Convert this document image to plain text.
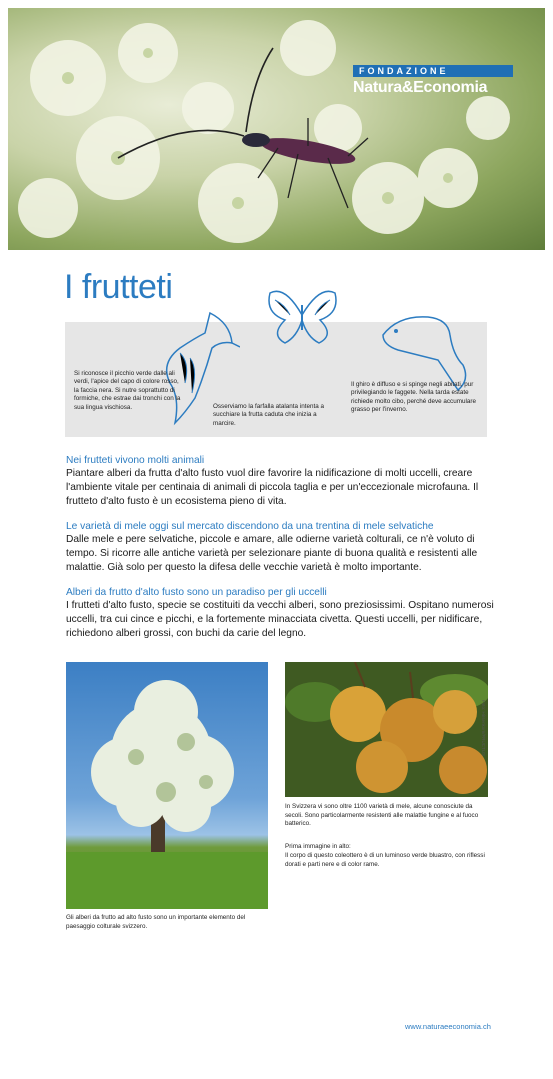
FONDAZIONE
Natura&Economia
I frutteti
Si riconosce il picchio verde dalle ali verdi, l'apice del capo di colore rosso, la faccia nera. Si nutre soprattutto di formiche, che estrae dai tronchi con la sua lingua vischiosa.	Osserviamo la farfalla atalanta intenta a succhiare la frutta caduta che inizia a marcire.
Il ghiro è diffuso e si spinge negli abitati, pur privilegiando le faggete. Nella tarda estate richiede molto cibo, perché deve accumulare grasso per l'inverno.
Nei frutteti vivono molti animali

Piantare alberi da frutta d'alto fusto vuol dire favorire la nidificazione di molti uccelli, creare l'ambiente vitale per centinaia di animali di piccola taglia e per un'eccezionale microfauna. Il frutteto d'alto fusto è un ecosistema pieno di vita.

Le varietà di mele oggi sul mercato discendono da una trentina di mele selvatiche

Dalle mele e pere selvatiche, piccole e amare, alle odierne varietà colturali, ce n'è voluto di tempo. Si ricorre alle antiche varietà per selezionare piante di buona qualità e resistenti alle malattie. Già solo per questo la difesa delle vecchie varietà è molto importante.

Alberi da frutto d'alto fusto sono un paradiso per gli uccelli

I frutteti d'alto fusto, specie se costituiti da vecchi alberi, sono preziosissimi. Ospitano numerosi uccelli, tra cui cince e picchi, e la fortemente minacciata civetta. Questi uccelli, per nidificare, richiedono alberi grossi, con buchi da carie del legno.

Gli alberi da frutto ad alto fusto sono un importante elemento del paesaggio colturale svizzero.
Foto: Hirsenkorn/FRUCTUS
In Svizzera vi sono oltre 1100 varietà di mele, alcune conosciute da secoli. Sono particolarmente resistenti alle malattie fungine e al fuoco batterico.
Prima immagine in alto:
Il corpo di questo coleottero è di un luminoso verde bluastro, con riflessi dorati e parti nere e di color rame.
www.naturaeeconomia.ch
